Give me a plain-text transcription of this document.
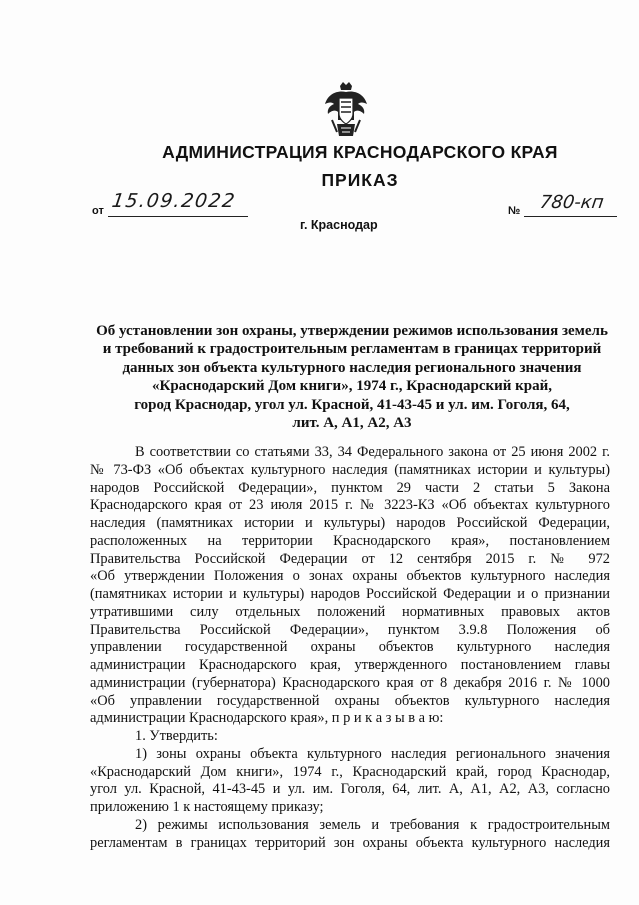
АДМИНИСТРАЦИЯ КРАСНОДАРСКОГО КРАЯ
ПРИКАЗ
от 15.09.2022	№ 780-кп
г. Краснодар
Об установлении зон охраны, утверждении режимов использования земель
и требований к градостроительным регламентам в границах территорий
данных зон объекта культурного наследия регионального значения
«Краснодарский Дом книги», 1974 г., Краснодарский край,
город Краснодар, угол ул. Красной, 41-43-45 и ул. им. Гоголя, 64,
лит. А, А1, А2, А3
В соответствии со статьями 33, 34 Федерального закона от 25 июня 2002 г.
№ 73-ФЗ «Об объектах культурного наследия (памятниках истории и культуры)
народов Российской Федерации», пунктом 29 части 2 статьи 5 Закона
Краснодарского края от 23 июля 2015 г. № 3223-КЗ «Об объектах культурного
наследия (памятниках истории и культуры) народов Российской Федерации,
расположенных на территории Краснодарского края», постановлением
Правительства Российской Федерации от 12 сентября 2015 г. № 972
«Об утверждении Положения о зонах охраны объектов культурного наследия
(памятниках истории и культуры) народов Российской Федерации и о признании
утратившими силу отдельных положений нормативных правовых актов
Правительства Российской Федерации», пунктом 3.9.8 Положения об
управлении государственной охраны объектов культурного наследия
администрации Краснодарского края, утвержденного постановлением главы
администрации (губернатора) Краснодарского края от 8 декабря 2016 г. № 1000
«Об управлении государственной охраны объектов культурного наследия
администрации Краснодарского края», п р и к а з ы в а ю:
1. Утвердить:
1) зоны охраны объекта культурного наследия регионального значения
«Краснодарский Дом книги», 1974 г., Краснодарский край, город Краснодар,
угол ул. Красной, 41-43-45 и ул. им. Гоголя, 64, лит. А, А1, А2, А3, согласно
приложению 1 к настоящему приказу;
2) режимы использования земель и требования к градостроительным
регламентам в границах территорий зон охраны объекта культурного наследия
